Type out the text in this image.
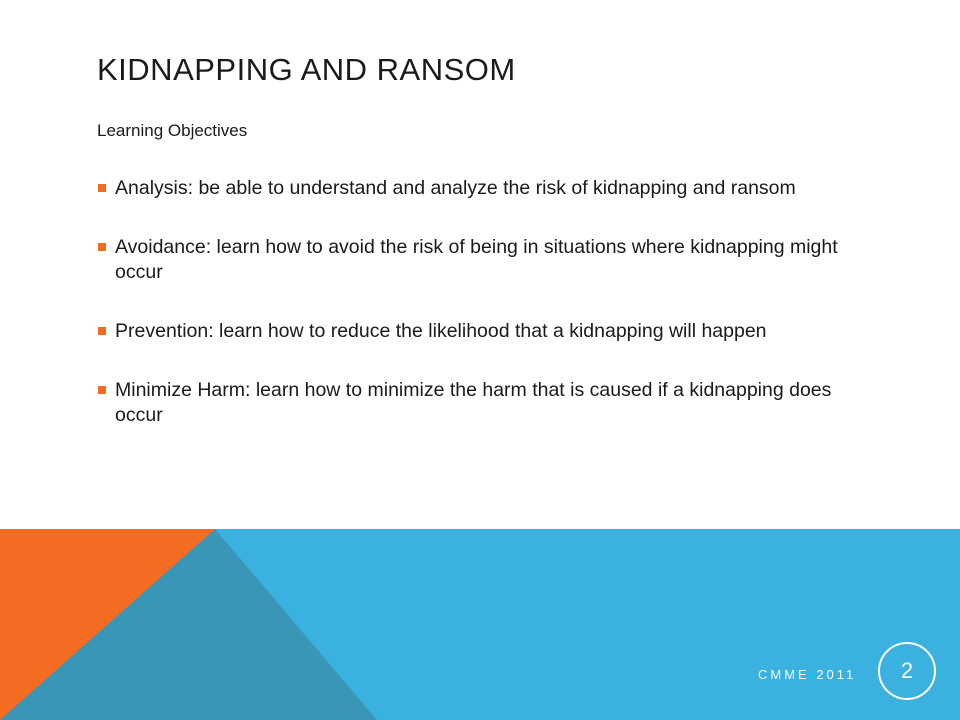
KIDNAPPING AND RANSOM
Learning Objectives
Analysis: be able to understand and analyze the risk of kidnapping and ransom
Avoidance: learn how to avoid the risk of being in situations where kidnapping might occur
Prevention: learn how to reduce the likelihood that a kidnapping will happen
Minimize Harm: learn how to minimize the harm that is caused if a kidnapping does occur
CMME 2011	2
